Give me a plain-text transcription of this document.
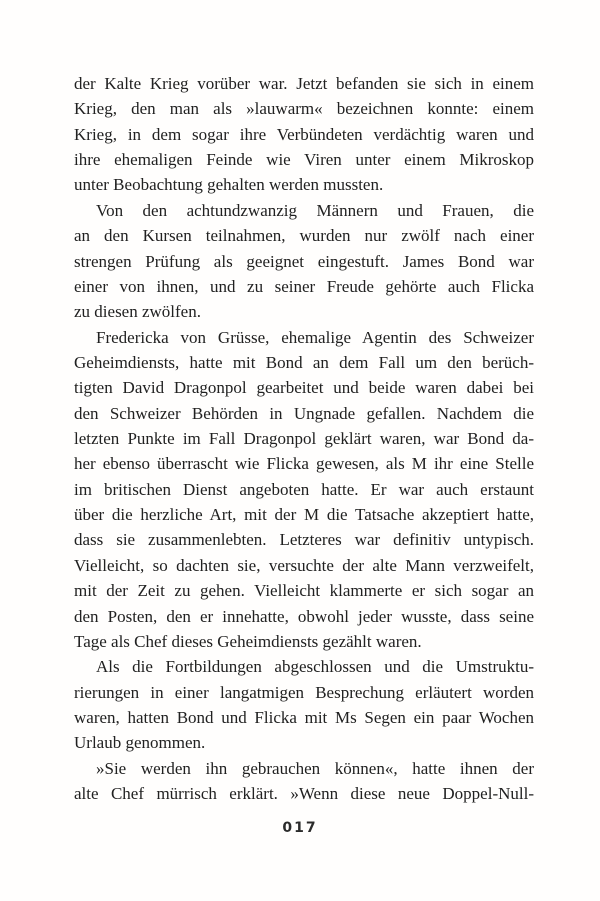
der Kalte Krieg vorüber war. Jetzt befanden sie sich in einem
Krieg, den man als »lauwarm« bezeichnen konnte: einem
Krieg, in dem sogar ihre Verbündeten verdächtig waren und
ihre ehemaligen Feinde wie Viren unter einem Mikroskop
unter Beobachtung gehalten werden mussten.
Von den achtundzwanzig Männern und Frauen, die
an den Kursen teilnahmen, wurden nur zwölf nach einer
strengen Prüfung als geeignet eingestuft. James Bond war
einer von ihnen, und zu seiner Freude gehörte auch Flicka
zu diesen zwölfen.
Fredericka von Grüsse, ehemalige Agentin des Schweizer
Geheimdiensts, hatte mit Bond an dem Fall um den berüch-
tigten David Dragonpol gearbeitet und beide waren dabei bei
den Schweizer Behörden in Ungnade gefallen. Nachdem die
letzten Punkte im Fall Dragonpol geklärt waren, war Bond da-
her ebenso überrascht wie Flicka gewesen, als M ihr eine Stelle
im britischen Dienst angeboten hatte. Er war auch erstaunt
über die herzliche Art, mit der M die Tatsache akzeptiert hatte,
dass sie zusammenlebten. Letzteres war definitiv untypisch.
Vielleicht, so dachten sie, versuchte der alte Mann verzweifelt,
mit der Zeit zu gehen. Vielleicht klammerte er sich sogar an
den Posten, den er innehatte, obwohl jeder wusste, dass seine
Tage als Chef dieses Geheimdiensts gezählt waren.
Als die Fortbildungen abgeschlossen und die Umstruktu-
rierungen in einer langatmigen Besprechung erläutert worden
waren, hatten Bond und Flicka mit Ms Segen ein paar Wochen
Urlaub genommen.
»Sie werden ihn gebrauchen können«, hatte ihnen der
alte Chef mürrisch erklärt. »Wenn diese neue Doppel-Null-
017
